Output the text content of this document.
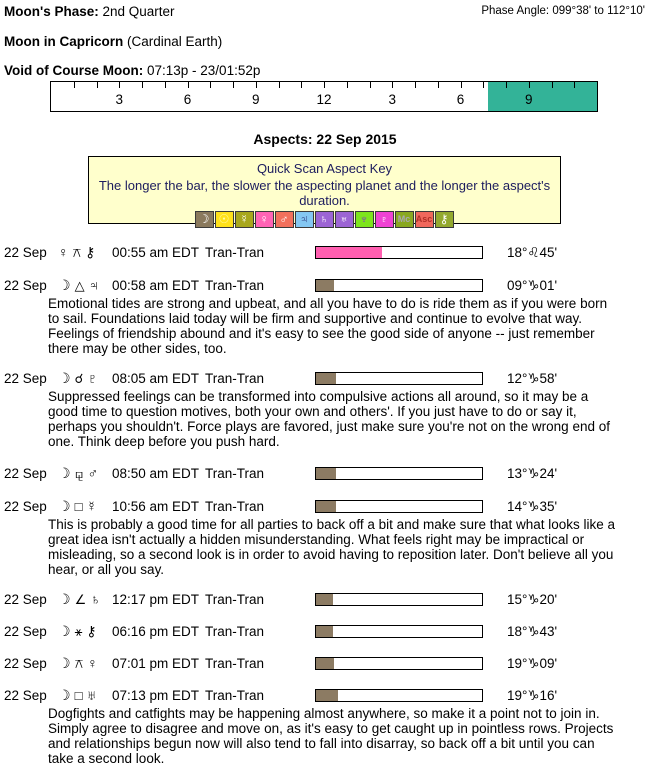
Moon's Phase: 2nd Quarter	Phase Angle: 099°38' to 112°10'
Moon in Capricorn (Cardinal Earth)
Void of Course Moon: 07:13p - 23/01:52p
3	6	9	12	3	6	9
Aspects: 22 Sep 2015
Quick Scan Aspect Key
The longer the bar, the slower the aspecting planet and the longer the aspect's duration.
☽ ☉ ☿ ♀ ♂ ♃ ♄ ♅ ♆ ♇ Mc Asc ⚷
22 Sep ♀ ⚻ ⚷ 00:55 am EDT Tran-Tran	18°♌45'
22 Sep ☽ △ ♃ 00:58 am EDT Tran-Tran	09°♑01'
Emotional tides are strong and upbeat, and all you have to do is ride them as if you were born to sail. Foundations laid today will be firm and supportive and continue to evolve that way. Feelings of friendship abound and it's easy to see the good side of anyone -- just remember there may be other sides, too.
22 Sep ☽ ☌ ♇ 08:05 am EDT Tran-Tran	12°♑58'
Suppressed feelings can be transformed into compulsive actions all around, so it may be a good time to question motives, both your own and others'. If you just have to do or say it, perhaps you shouldn't. Force plays are favored, just make sure you're not on the wrong end of one. Think deep before you push hard.
22 Sep ☽ ⚼ ♂ 08:50 am EDT Tran-Tran	13°♑24'
22 Sep ☽ □ ☿ 10:56 am EDT Tran-Tran	14°♑35'
This is probably a good time for all parties to back off a bit and make sure that what looks like a great idea isn't actually a hidden misunderstanding. What feels right may be impractical or misleading, so a second look is in order to avoid having to reposition later. Don't believe all you hear, or all you say.
22 Sep ☽ ∠ ♄ 12:17 pm EDT Tran-Tran	15°♑20'
22 Sep ☽ ⚹ ⚷ 06:16 pm EDT Tran-Tran	18°♑43'
22 Sep ☽ ⚻ ♀ 07:01 pm EDT Tran-Tran	19°♑09'
22 Sep ☽ □ ♅ 07:13 pm EDT Tran-Tran	19°♑16'
Dogfights and catfights may be happening almost anywhere, so make it a point not to join in. Simply agree to disagree and move on, as it's easy to get caught up in pointless rows. Projects and relationships begun now will also tend to fall into disarray, so back off a bit until you can take a second look.
